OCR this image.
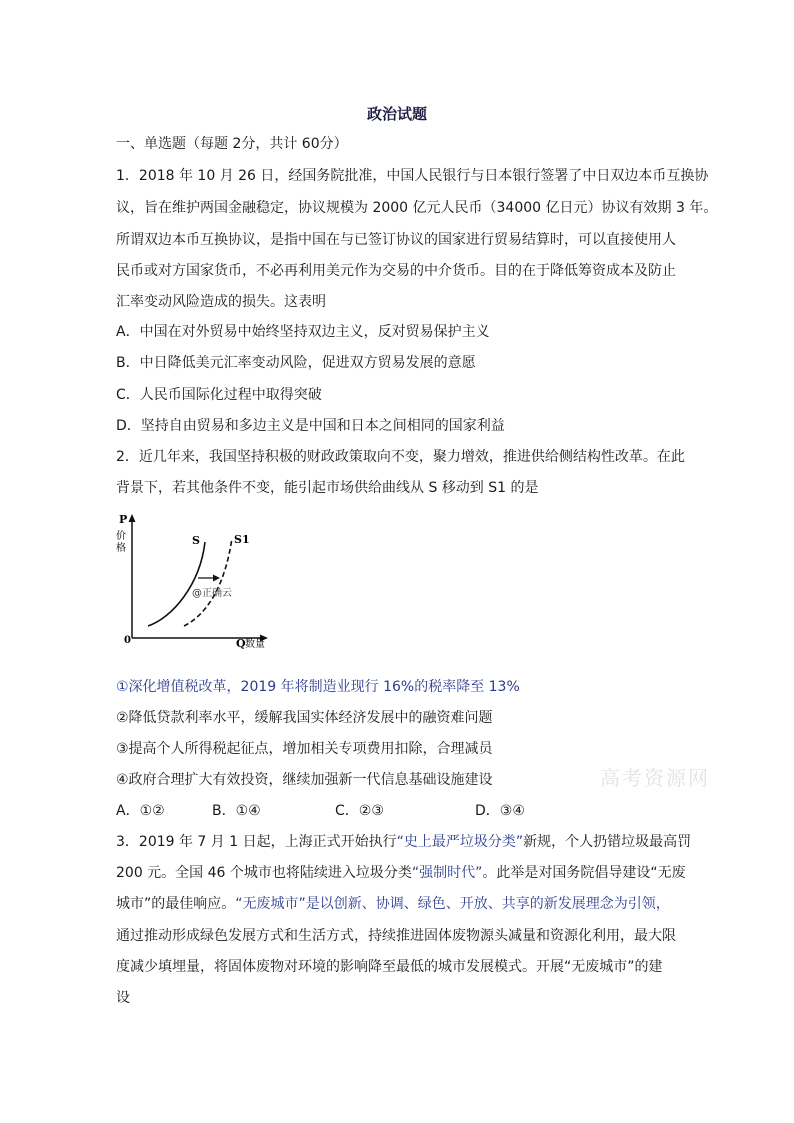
政治试题
一、单选题（每题 2分，共计 60分）
1．2018 年 10 月 26 日，经国务院批准，中国人民银行与日本银行签署了中日双边本币互换协
议，旨在维护两国金融稳定，协议规模为 2000 亿元人民币（34000 亿日元）协议有效期 3 年。
所谓双边本币互换协议，是指中国在与已签订协议的国家进行贸易结算时，可以直接使用人
民币或对方国家货币，不必再利用美元作为交易的中介货币。目的在于降低筹资成本及防止
汇率变动风险造成的损失。这表明
A．中国在对外贸易中始终坚持双边主义，反对贸易保护主义
B．中日降低美元汇率变动风险，促进双方贸易发展的意愿
C．人民币国际化过程中取得突破
D．坚持自由贸易和多边主义是中国和日本之间相同的国家利益
2．近几年来，我国坚持积极的财政政策取向不变，聚力增效，推进供给侧结构性改革。在此
背景下，若其他条件不变，能引起市场供给曲线从 S 移动到 S1 的是
P
价
格
0	Q 数量
S	S1
@正确云
①深化增值税改革，2019 年将制造业现行 16%的税率降至 13%
②降低贷款利率水平，缓解我国实体经济发展中的融资难问题
③提高个人所得税起征点，增加相关专项费用扣除，合理减员
④政府合理扩大有效投资，继续加强新一代信息基础设施建设
A．①②	B．①④	C．②③	D．③④
3．2019 年 7 月 1 日起，上海正式开始执行“史上最严垃圾分类”新规，个人扔错垃圾最高罚
200 元。全国 46 个城市也将陆续进入垃圾分类“强制时代”。此举是对国务院倡导建设“无废
城市”的最佳响应。“无废城市”是以创新、协调、绿色、开放、共享的新发展理念为引领，
通过推动形成绿色发展方式和生活方式，持续推进固体废物源头减量和资源化利用，最大限
度减少填埋量，将固体废物对环境的影响降至最低的城市发展模式。开展“无废城市”的建
设
高考资源网
